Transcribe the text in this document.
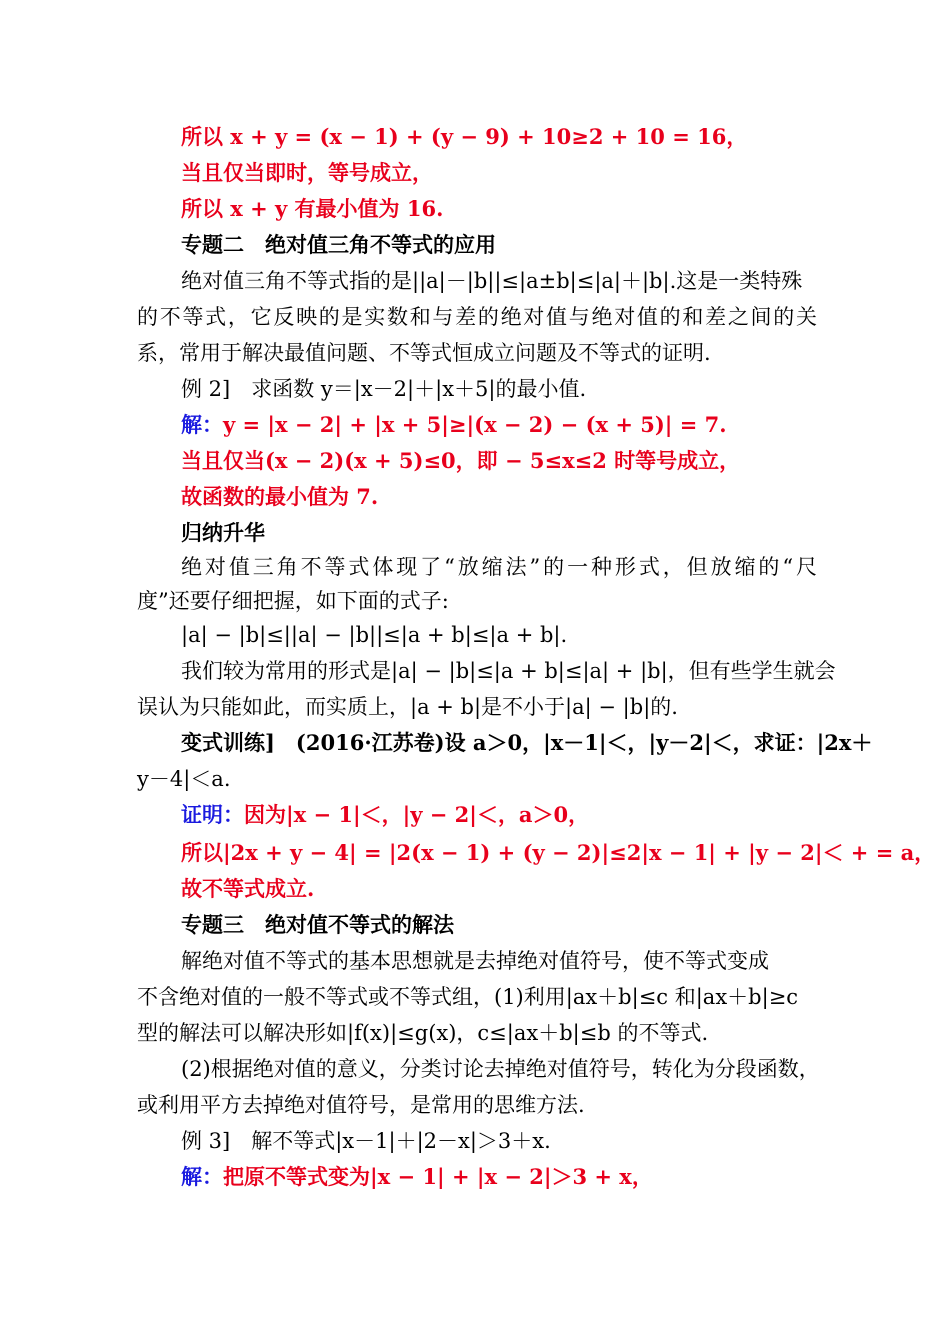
所以 x + y = (x − 1) + (y − 9) + 10≥2 + 10 = 16，
当且仅当即时，等号成立，
所以 x + y 有最小值为 16.
专题二　绝对值三角不等式的应用
绝对值三角不等式指的是||a|－|b||≤|a±b|≤|a|＋|b|.这是一类特殊
的不等式，它反映的是实数和与差的绝对值与绝对值的和差之间的关
系，常用于解决最值问题、不等式恒成立问题及不等式的证明.
例 2]　求函数 y＝|x－2|＋|x＋5|的最小值.
解：y = |x − 2| + |x + 5|≥|(x − 2) − (x + 5)| = 7.
当且仅当(x − 2)(x + 5)≤0，即 − 5≤x≤2 时等号成立，
故函数的最小值为 7.
归纳升华
绝对值三角不等式体现了“放缩法”的一种形式，但放缩的“尺
度”还要仔细把握，如下面的式子:
|a| − |b|≤||a| − |b||≤|a + b|≤|a + b|.
我们较为常用的形式是|a| − |b|≤|a + b|≤|a| + |b|，但有些学生就会
误认为只能如此，而实质上，|a + b|是不小于|a| − |b|的.
变式训练]　(2016·江苏卷)设 a＞0，|x－1|＜，|y－2|＜，求证：|2x＋
y－4|＜a.
证明：因为|x − 1|＜，|y − 2|＜，a＞0，
所以|2x + y − 4| = |2(x − 1) + (y − 2)|≤2|x − 1| + |y − 2|＜ + = a，
故不等式成立.
专题三　绝对值不等式的解法
解绝对值不等式的基本思想就是去掉绝对值符号，使不等式变成
不含绝对值的一般不等式或不等式组，(1)利用|ax＋b|≤c 和|ax＋b|≥c
型的解法可以解决形如|f(x)|≤g(x)，c≤|ax＋b|≤b 的不等式.
(2)根据绝对值的意义，分类讨论去掉绝对值符号，转化为分段函数，
或利用平方去掉绝对值符号，是常用的思维方法.
例 3]　解不等式|x－1|＋|2－x|＞3＋x.
解：把原不等式变为|x − 1| + |x − 2|＞3 + x，
